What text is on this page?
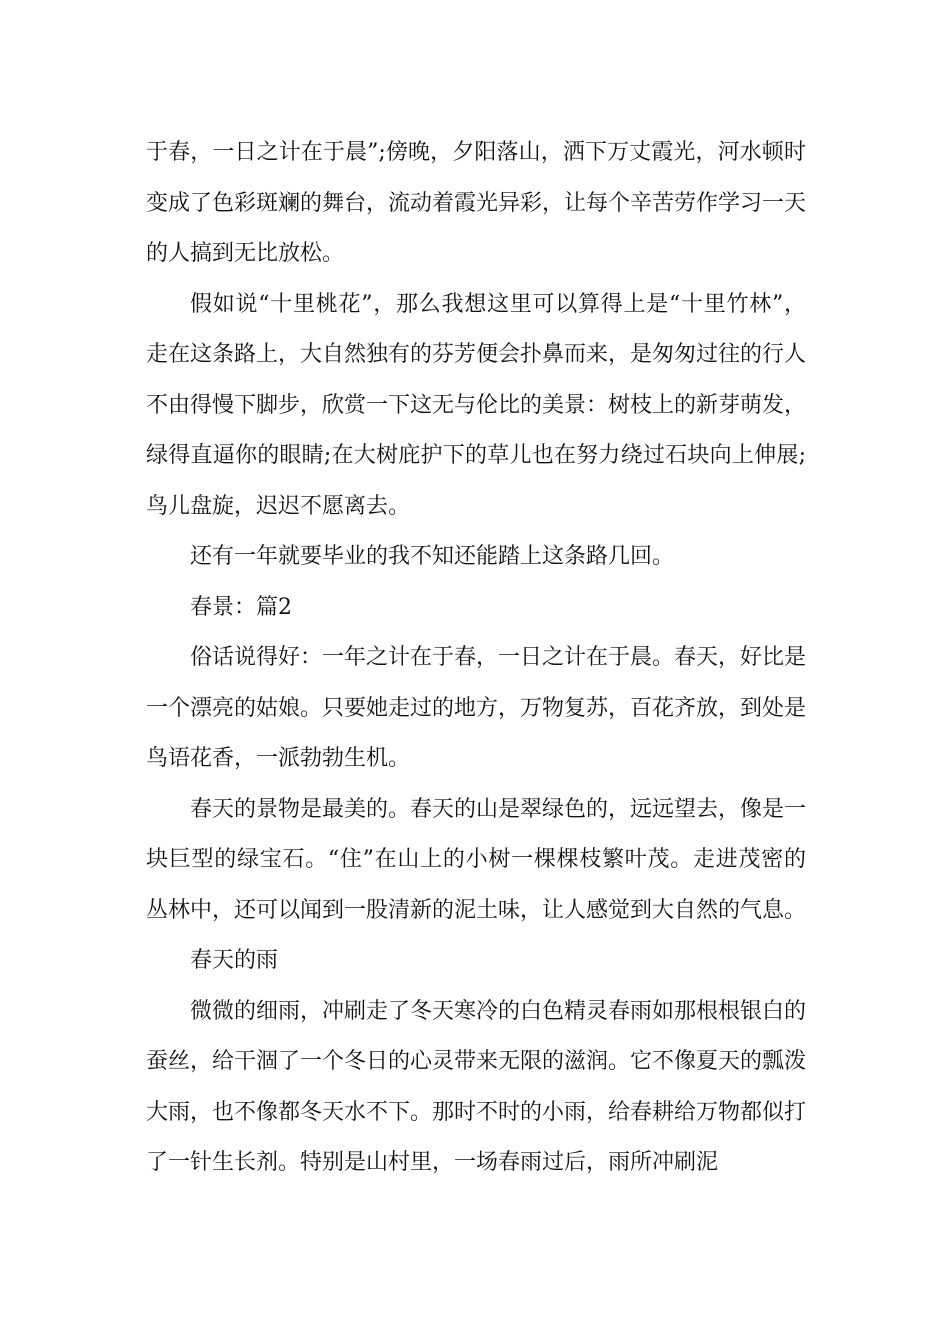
于春，一日之计在于晨”;傍晚，夕阳落山，洒下万丈霞光，河水顿时变成了色彩斑斓的舞台，流动着霞光异彩，让每个辛苦劳作学习一天的人搞到无比放松。

假如说“十里桃花”，那么我想这里可以算得上是“十里竹林”，走在这条路上，大自然独有的芬芳便会扑鼻而来，是匆匆过往的行人不由得慢下脚步，欣赏一下这无与伦比的美景：树枝上的新芽萌发，绿得直逼你的眼睛;在大树庇护下的草儿也在努力绕过石块向上伸展;鸟儿盘旋，迟迟不愿离去。

还有一年就要毕业的我不知还能踏上这条路几回。

春景：篇2

俗话说得好：一年之计在于春，一日之计在于晨。春天，好比是一个漂亮的姑娘。只要她走过的地方，万物复苏，百花齐放，到处是鸟语花香，一派勃勃生机。

春天的景物是最美的。春天的山是翠绿色的，远远望去，像是一块巨型的绿宝石。“住”在山上的小树一棵棵枝繁叶茂。走进茂密的丛林中，还可以闻到一股清新的泥土味，让人感觉到大自然的气息。

春天的雨

微微的细雨，冲刷走了冬天寒冷的白色精灵春雨如那根根银白的蚕丝，给干涸了一个冬日的心灵带来无限的滋润。它不像夏天的瓢泼大雨，也不像都冬天水不下。那时不时的小雨，给春耕给万物都似打了一针生长剂。特别是山村里，一场春雨过后，雨所冲刷泥
